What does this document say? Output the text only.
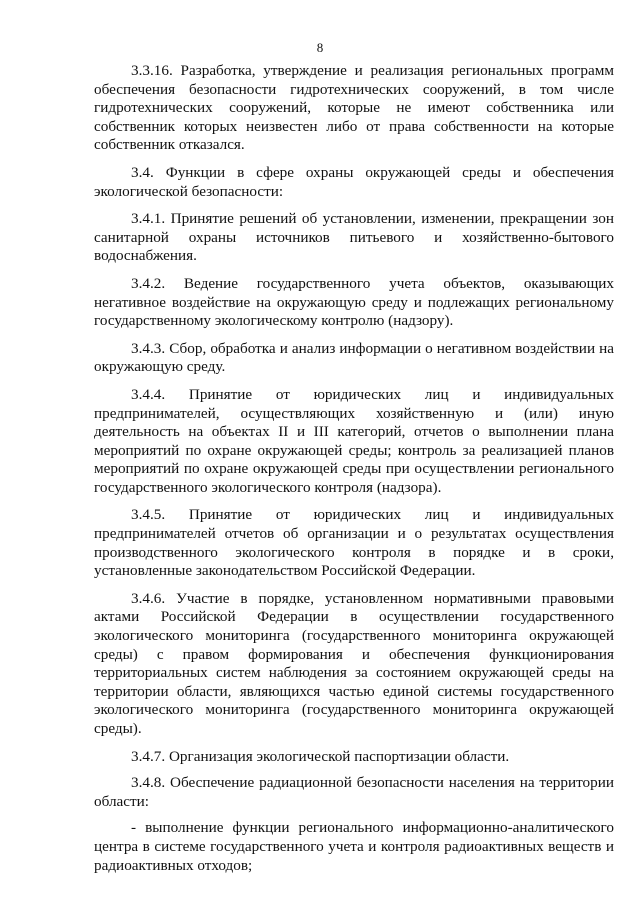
8

3.3.16. Разработка, утверждение и реализация региональных программ обеспечения безопасности гидротехнических сооружений, в том числе гидротехнических сооружений, которые не имеют собственника или собственник которых неизвестен либо от права собственности на которые собственник отказался.

3.4. Функции в сфере охраны окружающей среды и обеспечения экологической безопасности:

3.4.1. Принятие решений об установлении, изменении, прекращении зон санитарной охраны источников питьевого и хозяйственно-бытового водоснабжения.

3.4.2. Ведение государственного учета объектов, оказывающих негативное воздействие на окружающую среду и подлежащих региональному государственному экологическому контролю (надзору).

3.4.3. Сбор, обработка и анализ информации о негативном воздействии на окружающую среду.

3.4.4. Принятие от юридических лиц и индивидуальных предпринимателей, осуществляющих хозяйственную и (или) иную деятельность на объектах II и III категорий, отчетов о выполнении плана мероприятий по охране окружающей среды; контроль за реализацией планов мероприятий по охране окружающей среды при осуществлении регионального государственного экологического контроля (надзора).

3.4.5. Принятие от юридических лиц и индивидуальных предпринимателей отчетов об организации и о результатах осуществления производственного экологического контроля в порядке и в сроки, установленные законодательством Российской Федерации.

3.4.6. Участие в порядке, установленном нормативными правовыми актами Российской Федерации в осуществлении государственного экологического мониторинга (государственного мониторинга окружающей среды) с правом формирования и обеспечения функционирования территориальных систем наблюдения за состоянием окружающей среды на территории области, являющихся частью единой системы государственного экологического мониторинга (государственного мониторинга окружающей среды).

3.4.7. Организация экологической паспортизации области.

3.4.8. Обеспечение радиационной безопасности населения на территории области:

- выполнение функции регионального информационно-аналитического центра в системе государственного учета и контроля радиоактивных веществ и радиоактивных отходов;
